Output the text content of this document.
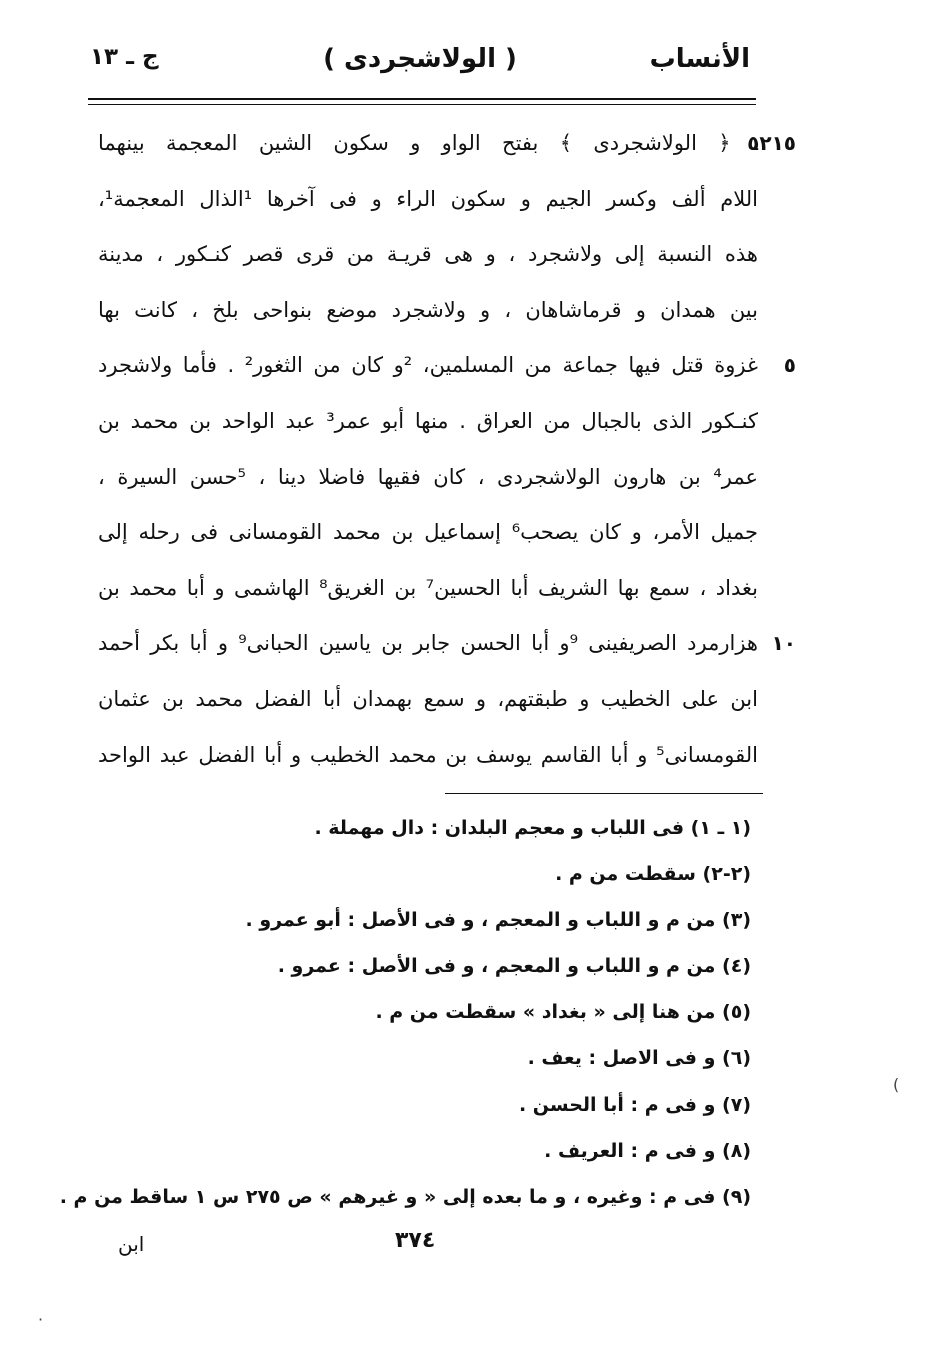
الأنساب
( الولاشجردى )
ج ـ ١٣
٥٢١٥
ـ ﴿ الولاشجردى ﴾ بفتح الواو و سكون الشين المعجمة بينهما
اللام ألف وكسر الجيم و سكون الراء و فى آخرها ¹الذال المعجمة¹،
هذه النسبة إلى ولاشجرد ، و هى قريـة من قرى قصر كنـكور ، مدينة
بين همدان و قرماشاهان ، و ولاشجرد موضع بنواحى بلخ ، كانت بها
٥
غزوة قتل فيها جماعة من المسلمين، ²و كان من الثغور² . فأما ولاشجرد
كنـكور الذى بالجبال من العراق . منها أبو عمر³ عبد الواحد بن محمد بن
عمر⁴ بن هارون الولاشجردى ، كان فقيها فاضلا دينا ، ⁵حسن السيرة ،
جميل الأمر، و كان يصحب⁶ إسماعيل بن محمد القومسانى فى رحله إلى
بغداد ، سمع بها الشريف أبا الحسين⁷ بن الغريق⁸ الهاشمى و أبا محمد بن
١٠
هزارمرد الصريفينى ⁹و أبا الحسن جابر بن ياسين الحبانى⁹ و أبا بكر أحمد
ابن على الخطيب و طبقتهم، و سمع بهمدان أبا الفضل محمد بن عثمان
القومسانى⁵ و أبا القاسم يوسف بن محمد الخطيب و أبا الفضل عبد الواحد
(١ ـ ١) فى اللباب و معجم البلدان : دال مهملة .
(٢-٢) سقطت من م .
(٣) من م و اللباب و المعجم ، و فى الأصل : أبو عمرو .
(٤) من م و اللباب و المعجم ، و فى الأصل : عمرو .
(٥) من هنا إلى « بغداد » سقطت من م .
(٦) و فى الاصل : يعف .
(٧) و فى م : أبا الحسن .
(٨) و فى م : العريف .
(٩) فى م : وغيره ، و ما بعده إلى « و غيرهم » ص ٢٧٥ س ١ ساقط من م .
ابن	٣٧٤
)
·
